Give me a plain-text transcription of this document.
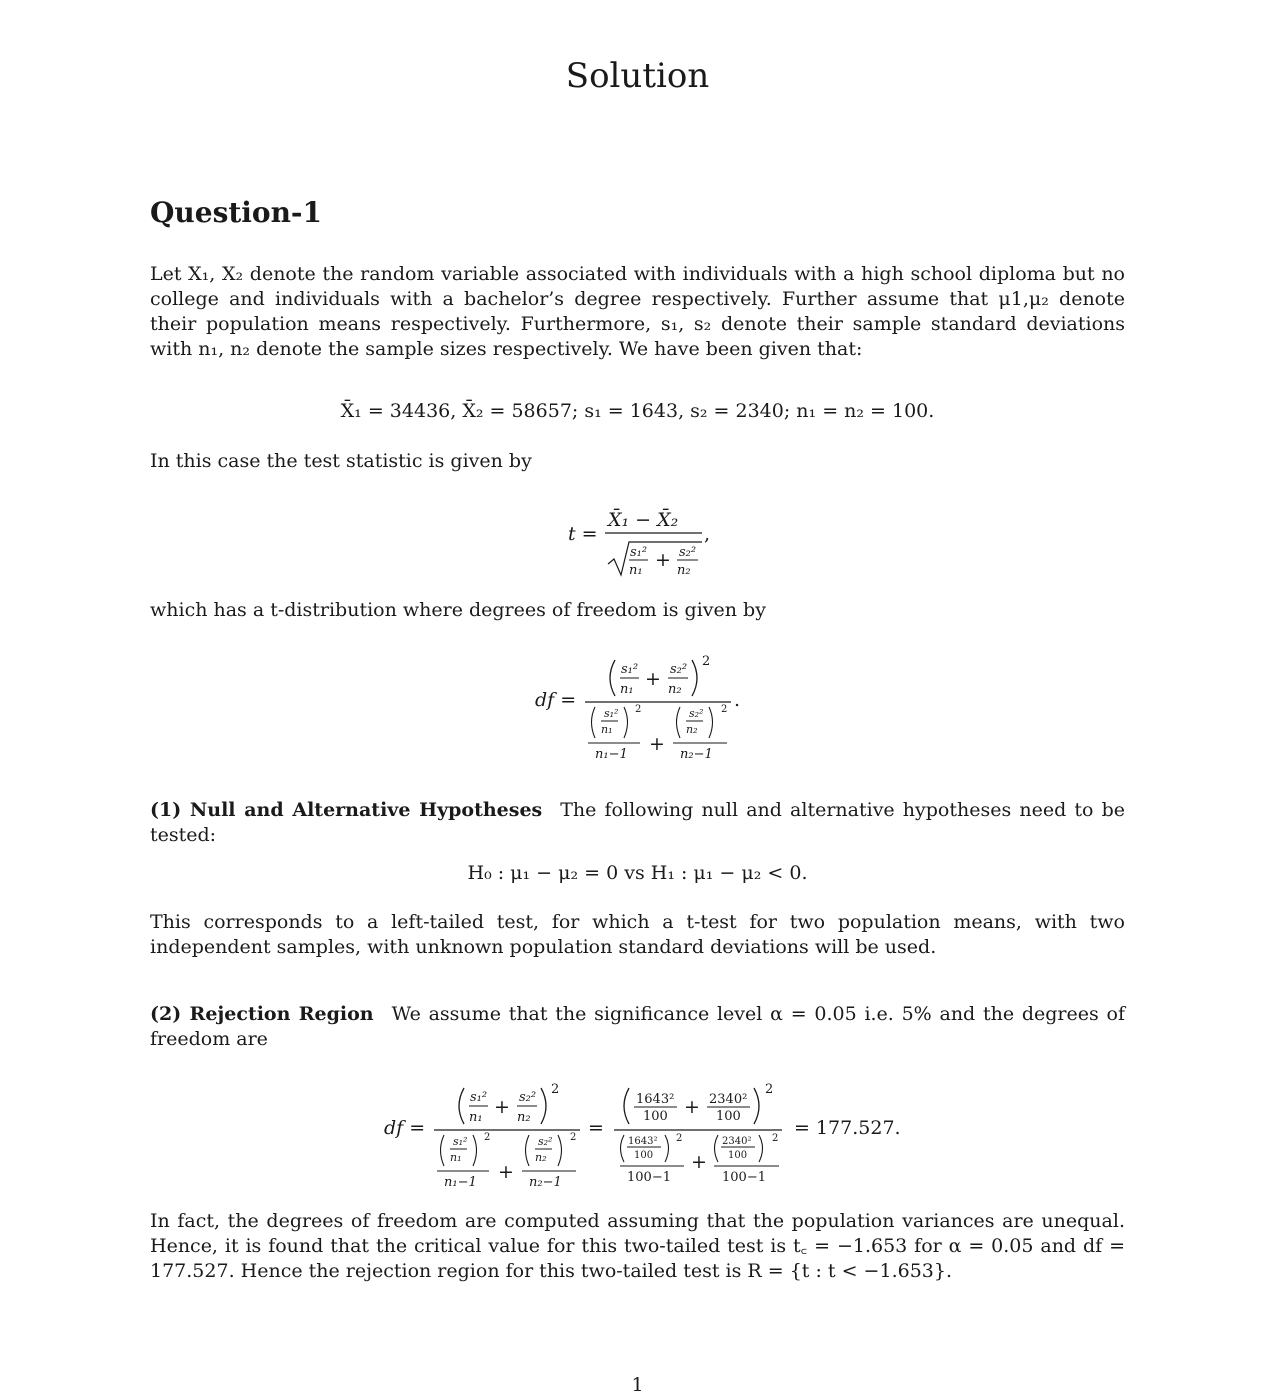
Solution
Question-1
Let X₁, X₂ denote the random variable associated with individuals with a high school diploma but no college and individuals with a bachelor’s degree respectively. Further assume that μ1,μ₂ denote their population means respectively. Furthermore, s₁, s₂ denote their sample standard deviations with n₁, n₂ denote the sample sizes respectively. We have been given that:
X̄₁ = 34436, X̄₂ = 58657; s₁ = 1643, s₂ = 2340; n₁ = n₂ = 100.
In this case the test statistic is given by
t =
X̄₁ − X̄₂
s₁²
n₁ + s₂²
n₂
,
which has a t-distribution where degrees of freedom is given by
df =
s₁²
n₁ + s₂²
n₂
2
s₁²
n₁
2
n₁−1 +
s₂²
n₂
2
n₂−1
.
(1) Null and Alternative Hypotheses The following null and alternative hypotheses need to be tested:
H₀ : μ₁ − μ₂ = 0 vs H₁ : μ₁ − μ₂ < 0.
This corresponds to a left-tailed test, for which a t-test for two population means, with two independent samples, with unknown population standard deviations will be used.
(2) Rejection Region We assume that the significance level α = 0.05 i.e. 5% and the degrees of freedom are
df =
s₁²
n₁ + s₂²
n₂
2
s₁²
n₁
2
n₁−1 +
s₂²
n₂
2
n₂−1
=
1643²
100 + 2340²
100
2
1643²
100
2
100−1
+
2340²
100
2
100−1
= 177.527.
In fact, the degrees of freedom are computed assuming that the population variances are unequal. Hence, it is found that the critical value for this two-tailed test is t꜀ = −1.653 for α = 0.05 and df = 177.527. Hence the rejection region for this two-tailed test is R = {t : t < −1.653}.
1
